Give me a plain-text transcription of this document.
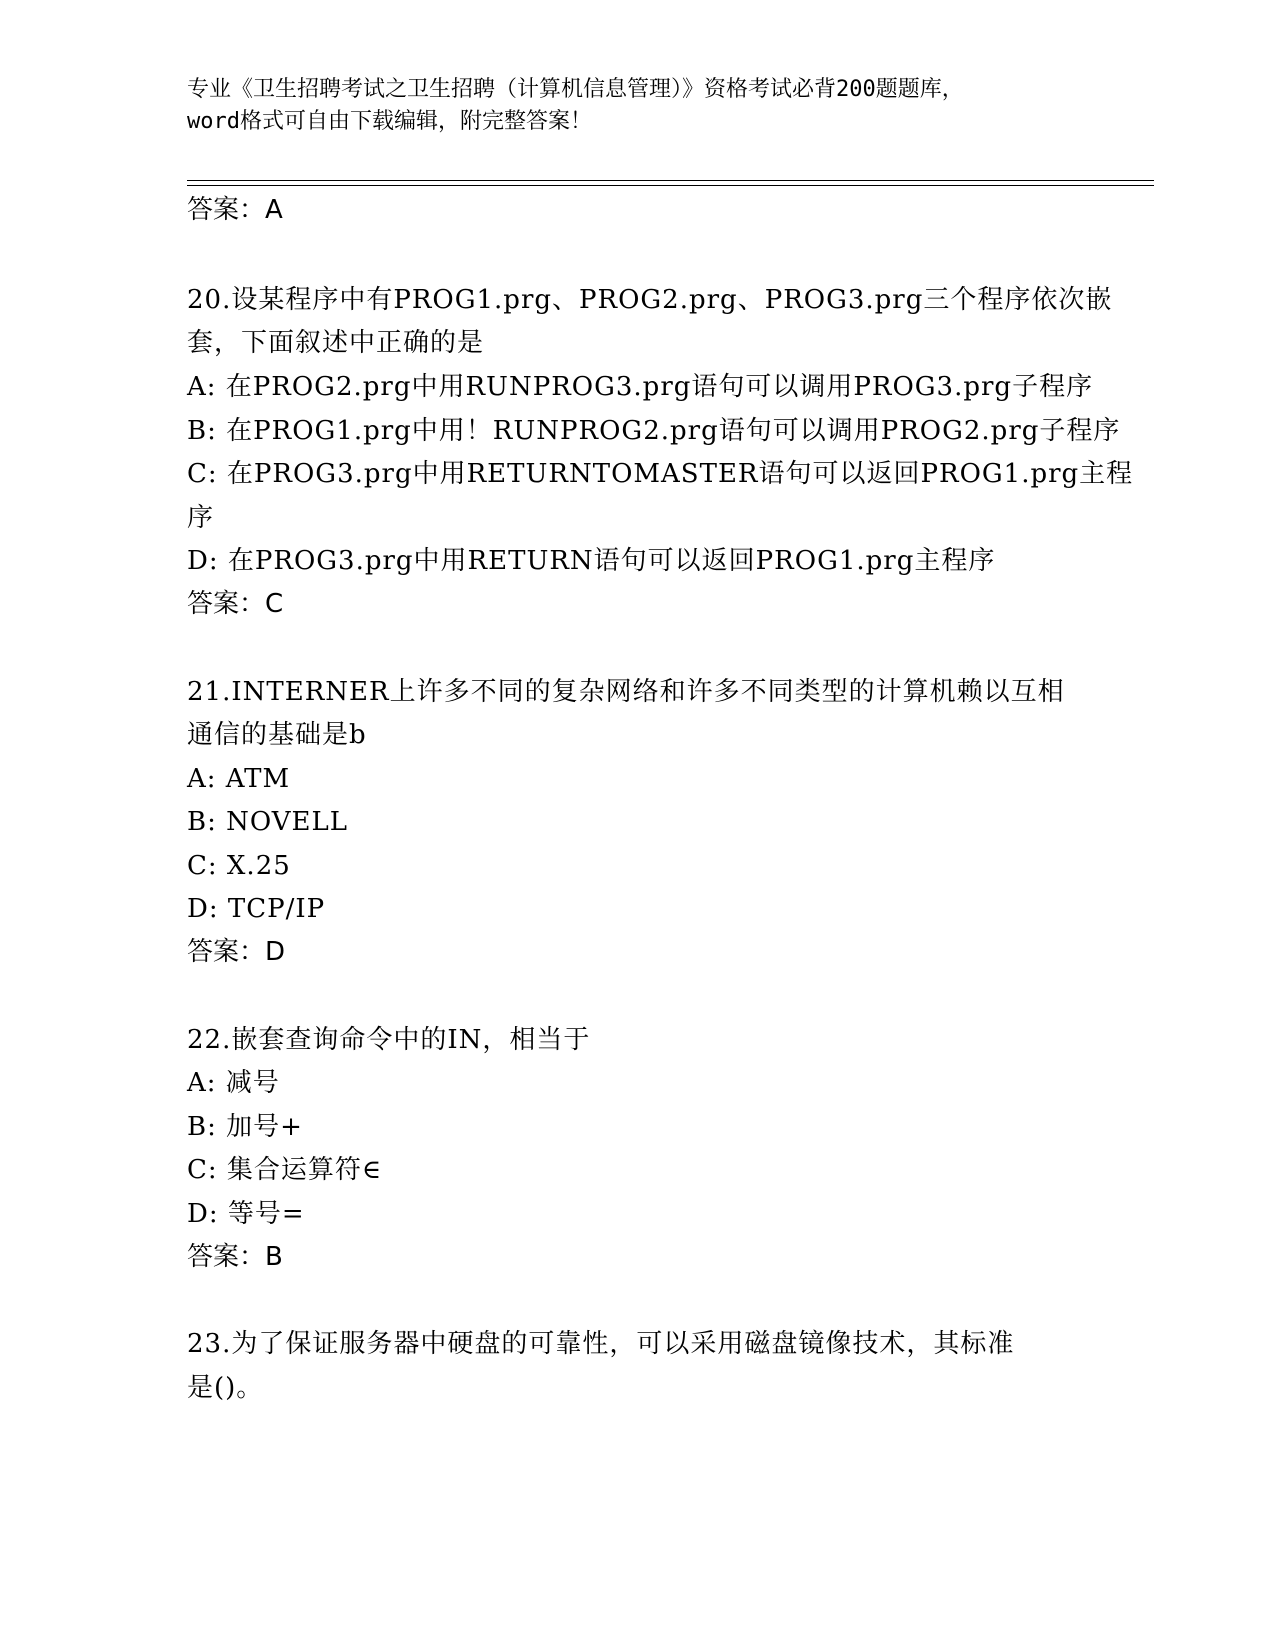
专业《卫生招聘考试之卫生招聘（计算机信息管理）》资格考试必背200题题库，
word格式可自由下载编辑，附完整答案！
答案：A
20.设某程序中有PROG1.prg、PROG2.prg、PROG3.prg三个程序依次嵌
套，下面叙述中正确的是
A: 在PROG2.prg中用RUNPROG3.prg语句可以调用PROG3.prg子程序
B: 在PROG1.prg中用！RUNPROG2.prg语句可以调用PROG2.prg子程序
C: 在PROG3.prg中用RETURNTOMASTER语句可以返回PROG1.prg主程
序
D: 在PROG3.prg中用RETURN语句可以返回PROG1.prg主程序
答案：C
21.INTERNER上许多不同的复杂网络和许多不同类型的计算机赖以互相
通信的基础是b
A: ATM
B: NOVELL
C: X.25
D: TCP/IP
答案：D
22.嵌套查询命令中的IN，相当于
A: 减号
B: 加号+
C: 集合运算符∈
D: 等号=
答案：B
23.为了保证服务器中硬盘的可靠性，可以采用磁盘镜像技术，其标准
是()。
